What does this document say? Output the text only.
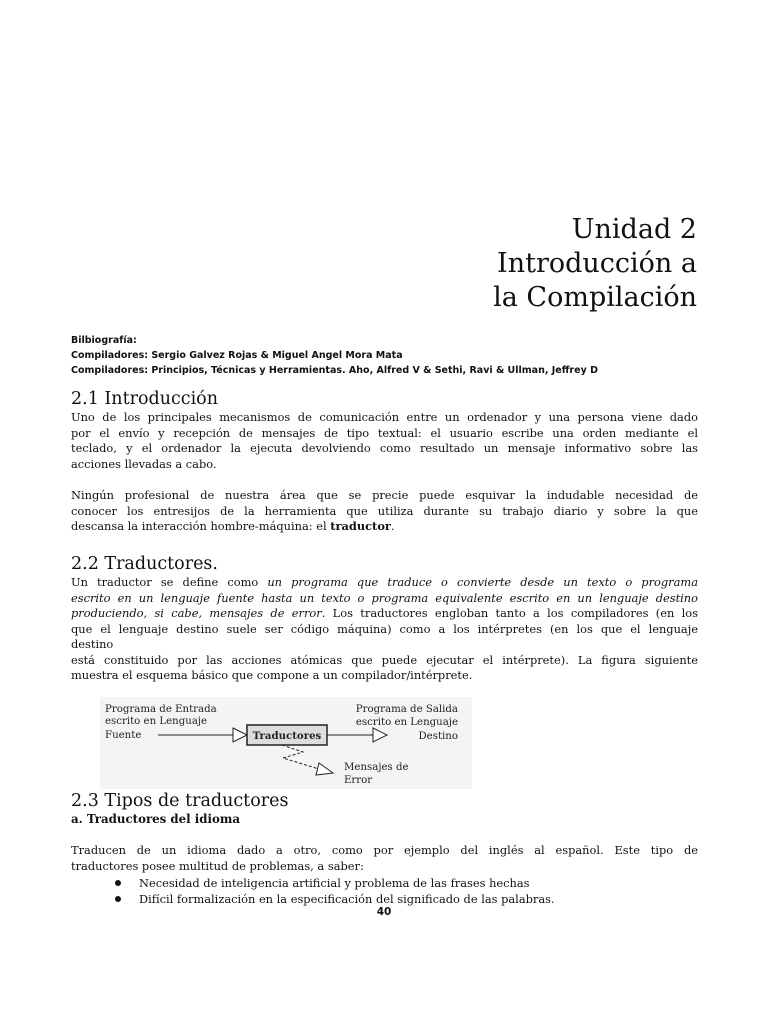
Unidad 2
Introducción a
la Compilación
Bilbiografía:
Compiladores: Sergio Galvez Rojas & Miguel Angel Mora Mata
Compiladores: Principios, Técnicas y Herramientas. Aho, Alfred V & Sethi, Ravi & Ullman, Jeffrey D
2.1 Introducción
Uno de los principales mecanismos de comunicación entre un ordenador y una persona viene dado
por el envío y recepción de mensajes de tipo textual: el usuario escribe una orden mediante el
teclado, y el ordenador la ejecuta devolviendo como resultado un mensaje informativo sobre las
acciones llevadas a cabo.
Ningún profesional de nuestra área que se precie puede esquivar la indudable necesidad de
conocer los entresijos de la herramienta que utiliza durante su trabajo diario y sobre la que
descansa la interacción hombre-máquina: el traductor.
2.2 Traductores.
Un traductor se define como un programa que traduce o convierte desde un texto o programa
escrito en un lenguaje fuente hasta un texto o programa equivalente escrito en un lenguaje destino
produciendo, si cabe, mensajes de error. Los traductores engloban tanto a los compiladores (en los
que el lenguaje destino suele ser código máquina) como a los intérpretes (en los que el lenguaje
destino
está constituido por las acciones atómicas que puede ejecutar el intérprete). La figura siguiente
muestra el esquema básico que compone a un compilador/intérprete.
Programa de Entrada
escrito en Lenguaje
Fuente	Traductores
Programa de Salida
escrito en Lenguaje
Destino
Mensajes de
Error
2.3 Tipos de traductores
a. Traductores del idioma
Traducen de un idioma dado a otro, como por ejemplo del inglés al español. Este tipo de
traductores posee multitud de problemas, a saber:
Necesidad de inteligencia artificial y problema de las frases hechas
Difícil formalización en la especificación del significado de las palabras.
40
